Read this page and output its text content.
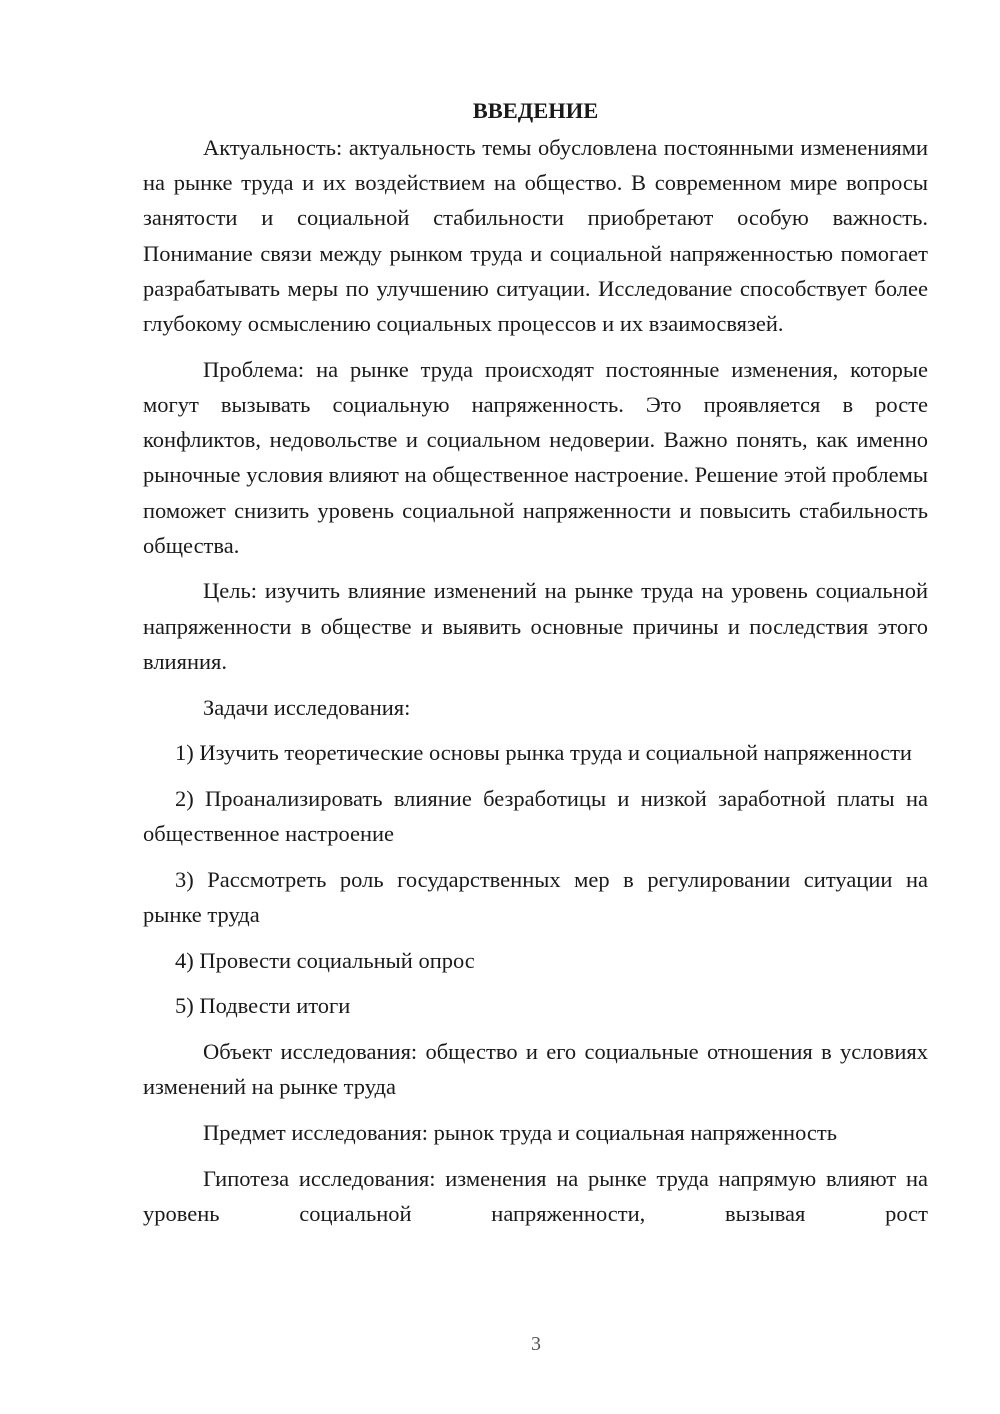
ВВЕДЕНИЕ

Актуальность: актуальность темы обусловлена постоянными изменениями на рынке труда и их воздействием на общество. В современном мире вопросы занятости и социальной стабильности приобретают особую важность. Понимание связи между рынком труда и социальной напряженностью помогает разрабатывать меры по улучшению ситуации. Исследование способствует более глубокому осмыслению социальных процессов и их взаимосвязей.

Проблема: на рынке труда происходят постоянные изменения, которые могут вызывать социальную напряженность. Это проявляется в росте конфликтов, недовольстве и социальном недоверии. Важно понять, как именно рыночные условия влияют на общественное настроение. Решение этой проблемы поможет снизить уровень социальной напряженности и повысить стабильность общества.

Цель: изучить влияние изменений на рынке труда на уровень социальной напряженности в обществе и выявить основные причины и последствия этого влияния.

Задачи исследования:

1) Изучить теоретические основы рынка труда и социальной напряженности

2) Проанализировать влияние безработицы и низкой заработной платы на общественное настроение

3) Рассмотреть роль государственных мер в регулировании ситуации на рынке труда

4) Провести социальный опрос

5) Подвести итоги

Объект исследования: общество и его социальные отношения в условиях изменений на рынке труда

Предмет исследования: рынок труда и социальная напряженность

Гипотеза исследования: изменения на рынке труда напрямую влияют на уровень социальной напряженности, вызывая рост

3
